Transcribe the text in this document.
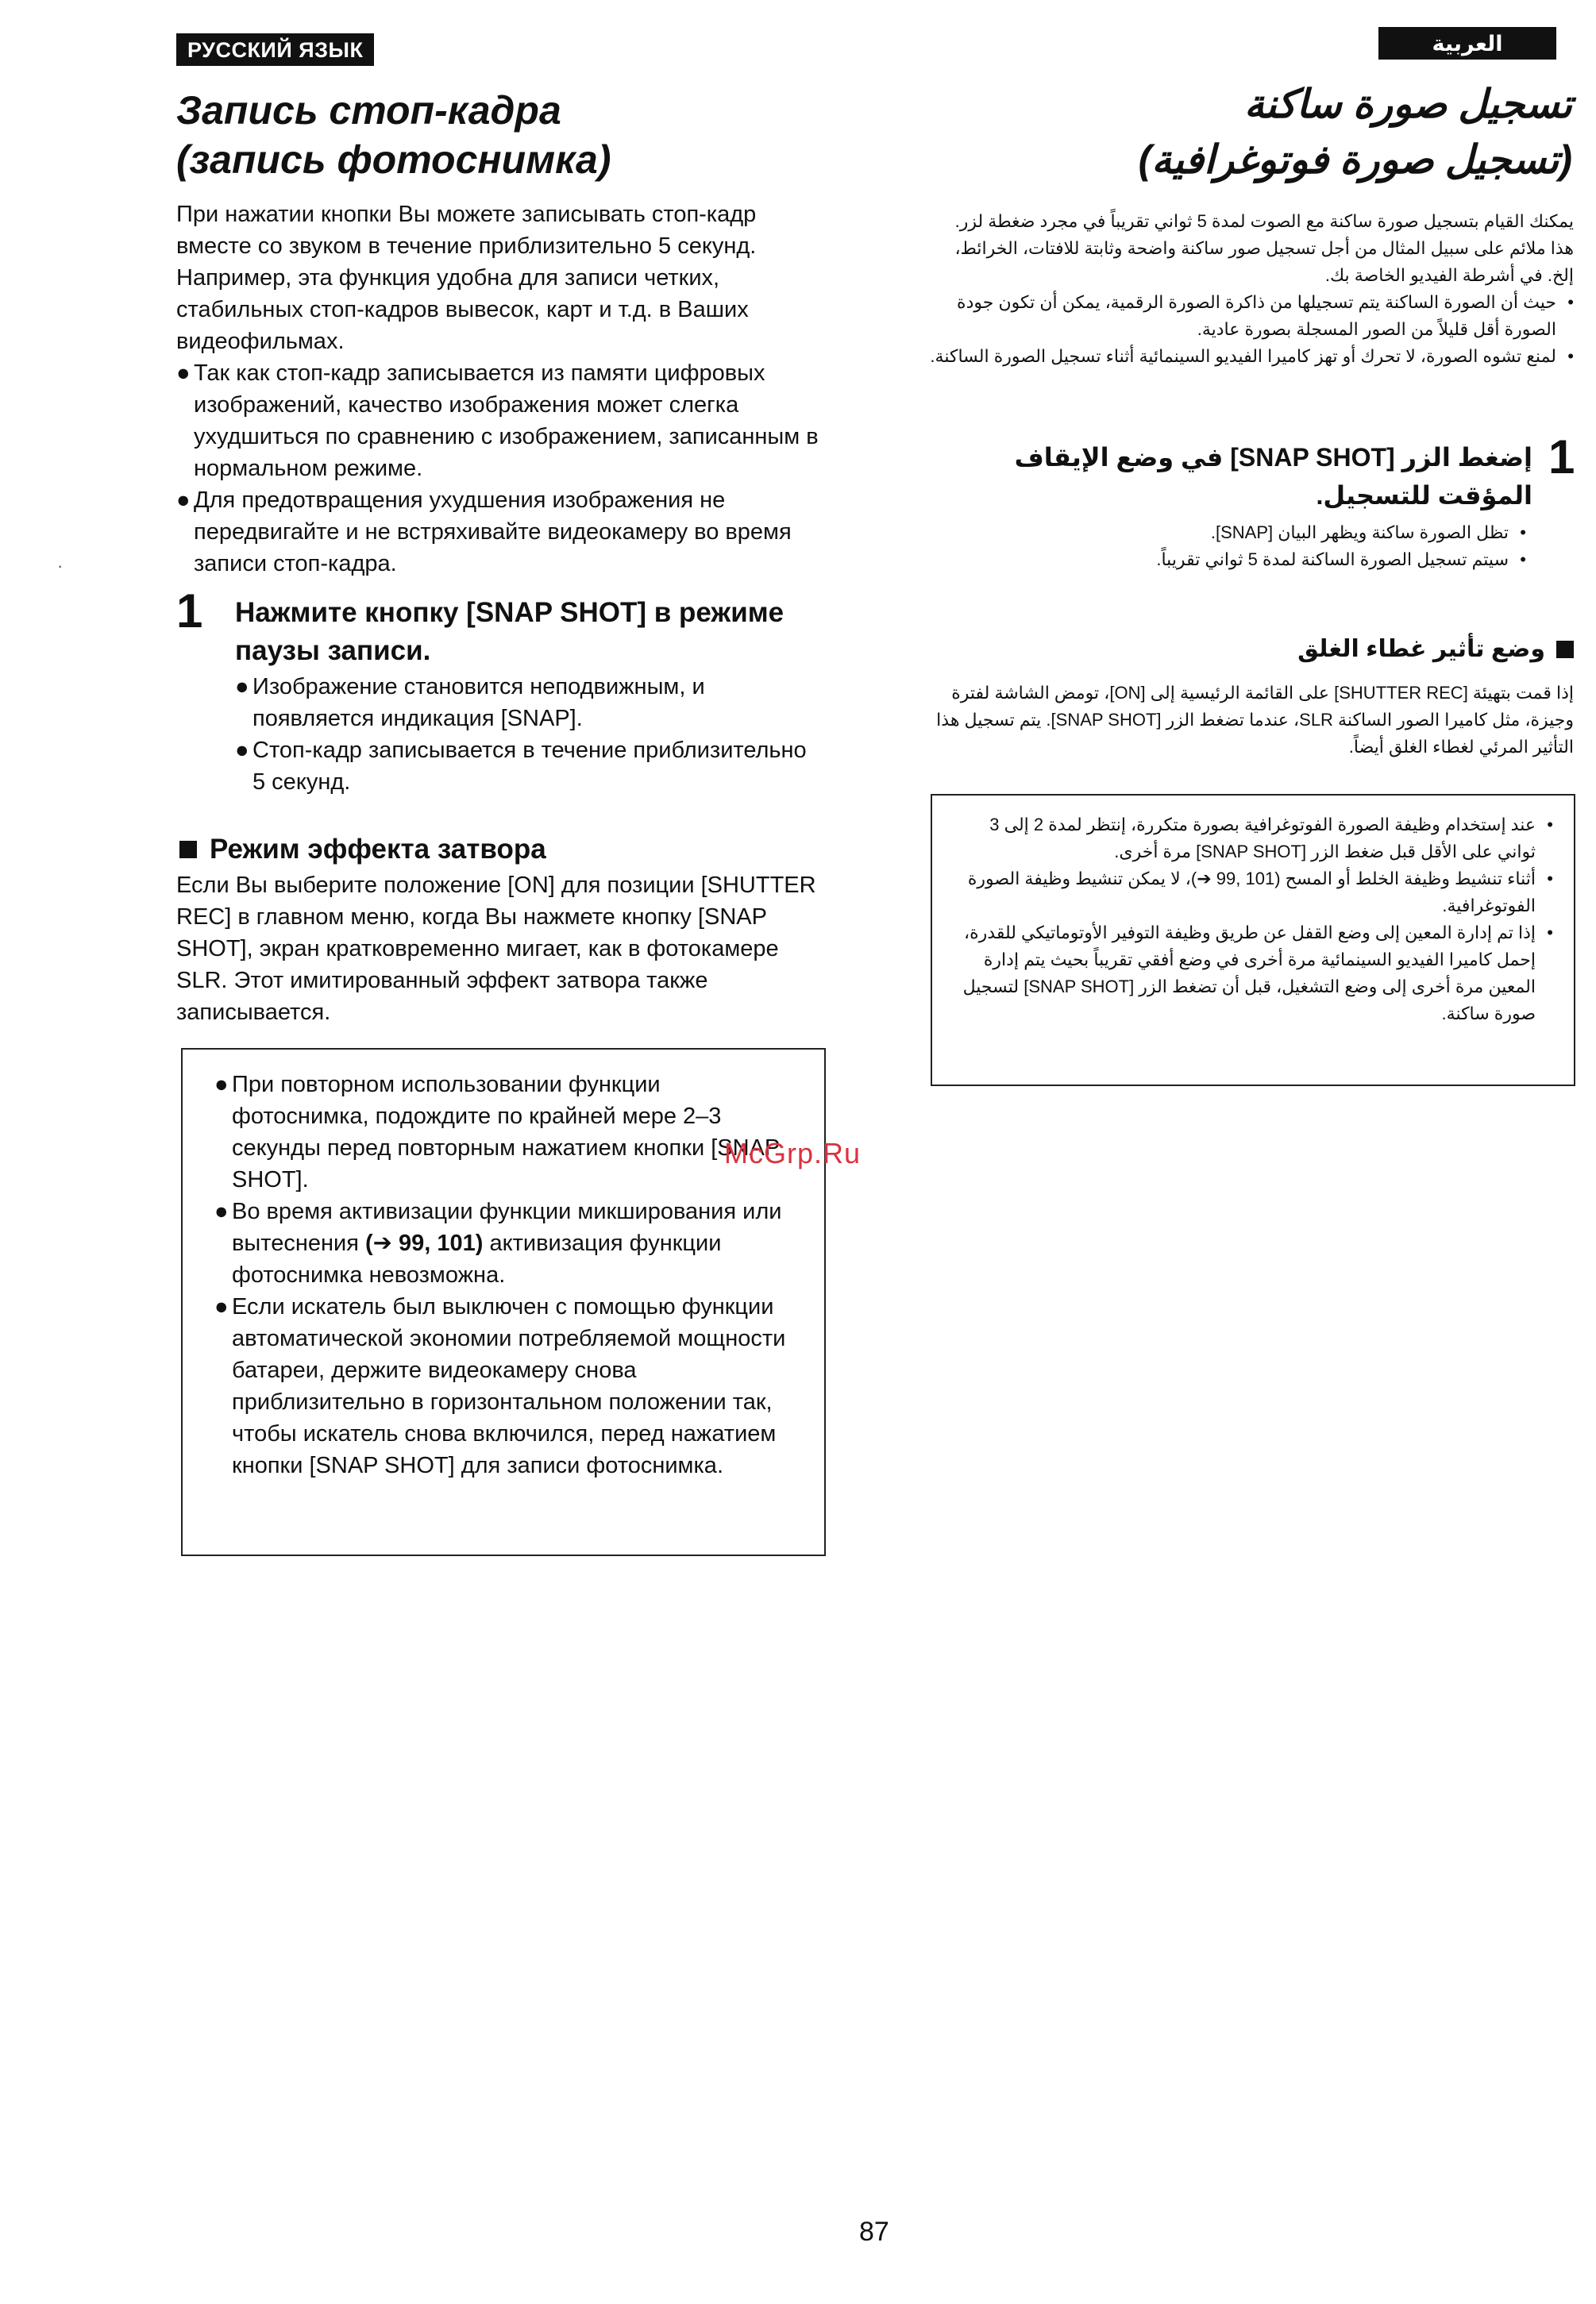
РУССКИЙ ЯЗЫК
Запись стоп-кадра
(запись фотоснимка)

При нажатии кнопки Вы можете записывать стоп-кадр вместе со звуком в течение приблизительно 5 секунд. Например, эта функция удобна для записи четких, стабильных стоп-кадров вывесок, карт и т.д. в Ваших видеофильмах.

● Так как стоп-кадр записывается из памяти цифровых изображений, качество изображения может слегка ухудшиться по сравнению с изображением, записанным в нормальном режиме.
● Для предотвращения ухудшения изображения не передвигайте и не встряхивайте видеокамеру во время записи стоп-кадра.
1 Нажмите кнопку [SNAP SHOT] в режиме паузы записи.
● Изображение становится неподвижным, и появляется индикация [SNAP].
● Стоп-кадр записывается в течение приблизительно 5 секунд.
Режим эффекта затвора
Если Вы выберите положение [ON] для позиции [SHUTTER REC] в главном меню, когда Вы нажмете кнопку [SNAP SHOT], экран кратковременно мигает, как в фотокамере SLR. Этот имитированный эффект затвора также записывается.
● При повторном использовании функции фотоснимка, подождите по крайней мере 2–3 секунды перед повторным нажатием кнопки [SNAP SHOT].
● Во время активизации функции микширования или вытеснения (➔ 99, 101) активизация функции фотоснимка невозможна.
● Если искатель был выключен с помощью функции автоматической экономии потребляемой мощности батареи, держите видеокамеру снова приблизительно в горизонтальном положении так, чтобы искатель снова включился, перед нажатием кнопки [SNAP SHOT] для записи фотоснимка.
McGrp.Ru
العربية
تسجيل صورة ساكنة
(تسجيل صورة فوتوغرافية)

يمكنك القيام بتسجيل صورة ساكنة مع الصوت لمدة 5 ثواني تقريباً في مجرد ضغطة لزر. هذا ملائم على سبيل المثال من أجل تسجيل صور ساكنة واضحة وثابتة للافتات، الخرائط، إلخ. في أشرطة الفيديو الخاصة بك.

•
حيث أن الصورة الساكنة يتم تسجيلها من ذاكرة الصورة الرقمية، يمكن أن تكون جودة الصورة أقل قليلاً من الصور المسجلة بصورة عادية.
•
لمنع تشوه الصورة، لا تحرك أو تهز كاميرا الفيديو السينمائية أثناء تسجيل الصورة الساكنة.
1
إضغط الزر [SNAP SHOT] في وضع الإيقاف المؤقت للتسجيل.
•
تظل الصورة ساكنة ويظهر البيان [SNAP].
•
سيتم تسجيل الصورة الساكنة لمدة 5 ثواني تقريباً.
وضع تأثير غطاء الغلق
إذا قمت بتهيئة [SHUTTER REC] على القائمة الرئيسية إلى [ON]، تومض الشاشة لفترة وجيزة، مثل كاميرا الصور الساكنة SLR، عندما تضغط الزر [SNAP SHOT]. يتم تسجيل هذا التأثير المرئي لغطاء الغلق أيضاً.
•
عند إستخدام وظيفة الصورة الفوتوغرافية بصورة متكررة، إنتظر لمدة 2 إلى 3 ثواني على الأقل قبل ضغط الزر [SNAP SHOT] مرة أخرى.
•
أثناء تنشيط وظيفة الخلط أو المسح (101 ,99 ➔)، لا يمكن تنشيط وظيفة الصورة الفوتوغرافية.
•
إذا تم إدارة المعين إلى وضع القفل عن طريق وظيفة التوفير الأوتوماتيكي للقدرة، إحمل كاميرا الفيديو السينمائية مرة أخرى في وضع أفقي تقريباً بحيث يتم إدارة المعين مرة أخرى إلى وضع التشغيل، قبل أن تضغط الزر [SNAP SHOT] لتسجيل صورة ساكنة.
·
87
